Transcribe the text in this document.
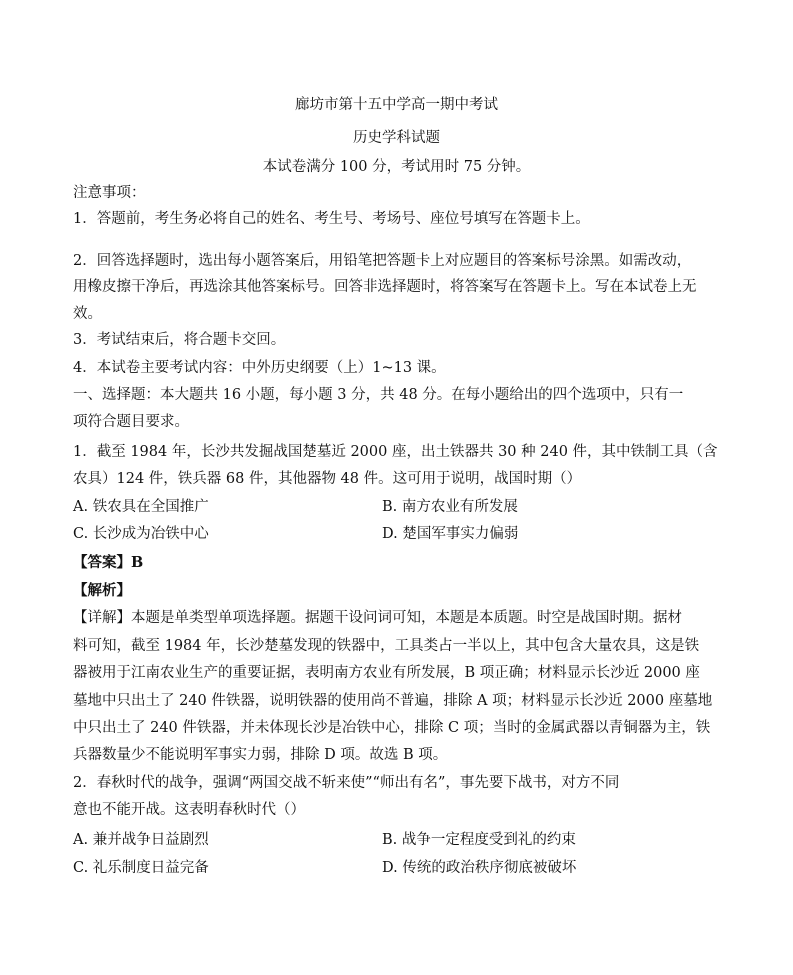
廊坊市第十五中学高一期中考试
历史学科试题
本试卷满分 100 分，考试用时 75 分钟。
注意事项：
1．答题前，考生务必将自己的姓名、考生号、考场号、座位号填写在答题卡上。
2．回答选择题时，选出每小题答案后，用铅笔把答题卡上对应题目的答案标号涂黑。如需改动，
用橡皮擦干净后，再选涂其他答案标号。回答非选择题时，将答案写在答题卡上。写在本试卷上无
效。
3．考试结束后，将合题卡交回。
4．本试卷主要考试内容：中外历史纲要（上）1~13 课。
一、选择题：本大题共 16 小题，每小题 3 分，共 48 分。在每小题给出的四个选项中，只有一
项符合题目要求。
1．截至 1984 年，长沙共发掘战国楚墓近 2000 座，出土铁器共 30 种 240 件，其中铁制工具（含
农具）124 件，铁兵器 68 件，其他器物 48 件。这可用于说明，战国时期（）
A. 铁农具在全国推广	B. 南方农业有所发展
C. 长沙成为冶铁中心	D. 楚国军事实力偏弱
【答案】B
【解析】
【详解】本题是单类型单项选择题。据题干设问词可知，本题是本质题。时空是战国时期。据材
料可知，截至 1984 年，长沙楚墓发现的铁器中，工具类占一半以上，其中包含大量农具，这是铁
器被用于江南农业生产的重要证据，表明南方农业有所发展，B 项正确；材料显示长沙近 2000 座
墓地中只出土了 240 件铁器，说明铁器的使用尚不普遍，排除 A 项；材料显示长沙近 2000 座墓地
中只出土了 240 件铁器，并未体现长沙是冶铁中心，排除 C 项；当时的金属武器以青铜器为主，铁
兵器数量少不能说明军事实力弱，排除 D 项。故选 B 项。
2．春秋时代的战争，强调“两国交战不斩来使”“师出有名”，事先要下战书，对方不同
意也不能开战。这表明春秋时代（）
A. 兼并战争日益剧烈	B. 战争一定程度受到礼的约束
C. 礼乐制度日益完备	D. 传统的政治秩序彻底被破坏
